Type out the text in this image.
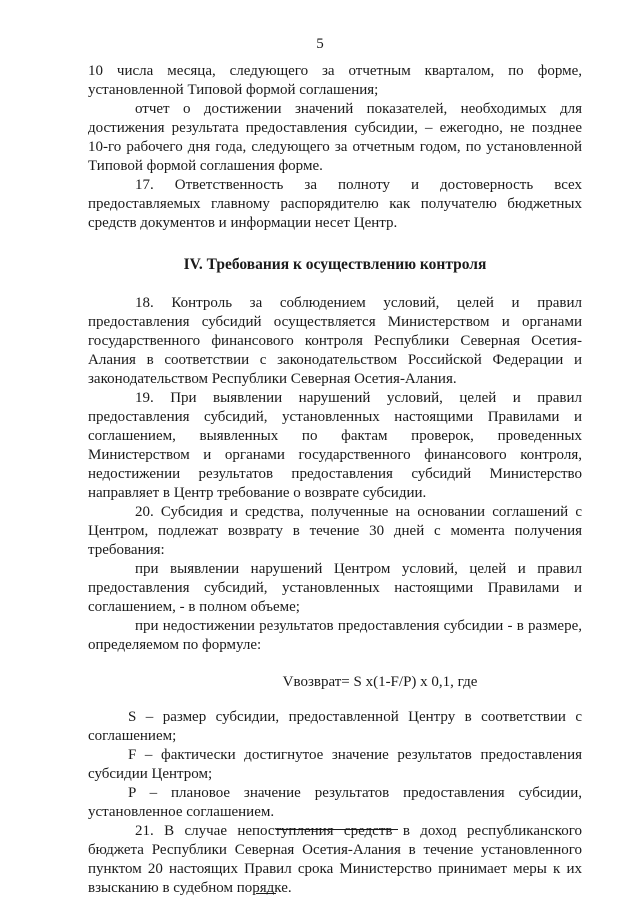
5

10 числа месяца, следующего за отчетным кварталом, по форме, установленной Типовой формой соглашения;

отчет о достижении значений показателей, необходимых для достижения результата предоставления субсидии, – ежегодно, не позднее 10-го рабочего дня года, следующего за отчетным годом, по установленной Типовой формой соглашения форме.

17. Ответственность за полноту и достоверность всех предоставляемых главному распорядителю как получателю бюджетных средств документов и информации несет Центр.

IV. Требования к осуществлению контроля

18. Контроль за соблюдением условий, целей и правил предоставления субсидий осуществляется Министерством и органами государственного финансового контроля Республики Северная Осетия-Алания в соответствии с законодательством Российской Федерации и законодательством Республики Северная Осетия-Алания.

19. При выявлении нарушений условий, целей и правил предоставления субсидий, установленных настоящими Правилами и соглашением, выявленных по фактам проверок, проведенных Министерством и органами государственного финансового контроля, недостижении результатов предоставления субсидий Министерство направляет в Центр требование о возврате субсидии.

20. Субсидия и средства, полученные на основании соглашений с Центром, подлежат возврату в течение 30 дней с момента получения требования:

при выявлении нарушений Центром условий, целей и правил предоставления субсидий, установленных настоящими Правилами и соглашением, - в полном объеме;

при недостижении результатов предоставления субсидии - в размере, определяемом по формуле:

Vвозврат= S x(1-F/P) x 0,1, где

S – размер субсидии, предоставленной Центру в соответствии с соглашением;

F – фактически достигнутое значение результатов предоставления субсидии Центром;

P – плановое значение результатов предоставления субсидии, установленное соглашением.

21. В случае непоступления средств в доход республиканского бюджета Республики Северная Осетия-Алания в течение установленного пунктом 20 настоящих Правил срока Министерство принимает меры к их взысканию в судебном порядке.
